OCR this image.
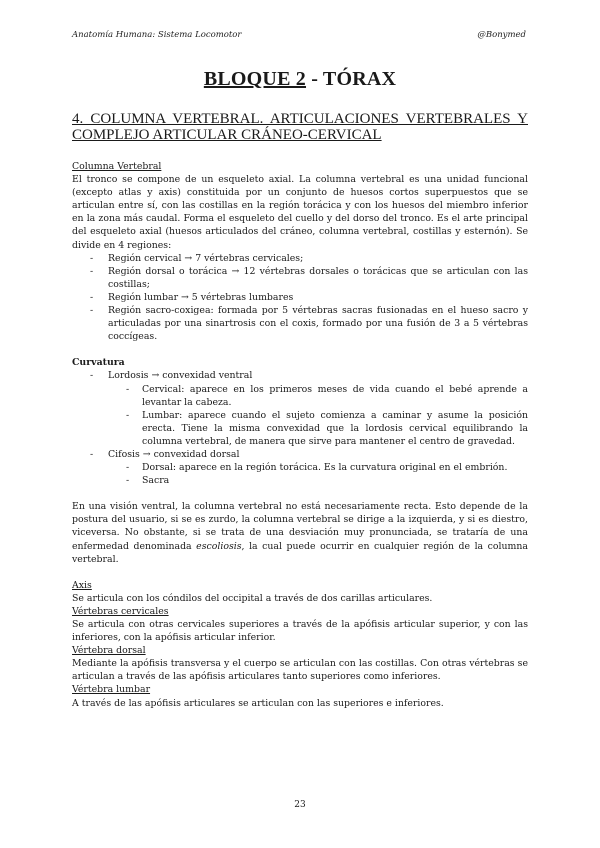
Anatomía Humana: Sistema Locomotor	@Bonymed
BLOQUE 2 - TÓRAX
4. COLUMNA VERTEBRAL. ARTICULACIONES VERTEBRALES Y COMPLEJO ARTICULAR CRÁNEO-CERVICAL

Columna Vertebral

El tronco se compone de un esqueleto axial. La columna vertebral es una unidad funcional (excepto atlas y axis) constituida por un conjunto de huesos cortos superpuestos que se articulan entre sí, con las costillas en la región torácica y con los huesos del miembro inferior en la zona más caudal. Forma el esqueleto del cuello y del dorso del tronco. Es el arte principal del esqueleto axial (huesos articulados del cráneo, columna vertebral, costillas y esternón). Se divide en 4 regiones:

- Región cervical → 7 vértebras cervicales;
- Región dorsal o torácica → 12 vértebras dorsales o torácicas que se articulan con las costillas;
- Región lumbar → 5 vértebras lumbares
- Región sacro-coxigea: formada por 5 vértebras sacras fusionadas en el hueso sacro y articuladas por una sinartrosis con el coxis, formado por una fusión de 3 a 5 vértebras coccígeas.

Curvatura

- Lordosis → convexidad ventral
- Cervical: aparece en los primeros meses de vida cuando el bebé aprende a levantar la cabeza.
- Lumbar: aparece cuando el sujeto comienza a caminar y asume la posición erecta. Tiene la misma convexidad que la lordosis cervical equilibrando la columna vertebral, de manera que sirve para mantener el centro de gravedad.
- Cifosis → convexidad dorsal
- Dorsal: aparece en la región torácica. Es la curvatura original en el embrión.
- Sacra

En una visión ventral, la columna vertebral no está necesariamente recta. Esto depende de la postura del usuario, si se es zurdo, la columna vertebral se dirige a la izquierda, y si es diestro, viceversa. No obstante, si se trata de una desviación muy pronunciada, se trataría de una enfermedad denominada escoliosis, la cual puede ocurrir en cualquier región de la columna vertebral.

Axis

Se articula con los cóndilos del occipital a través de dos carillas articulares.

Vértebras cervicales

Se articula con otras cervicales superiores a través de la apófisis articular superior, y con las inferiores, con la apófisis articular inferior.

Vértebra dorsal

Mediante la apófisis transversa y el cuerpo se articulan con las costillas. Con otras vértebras se articulan a través de las apófisis articulares tanto superiores como inferiores.

Vértebra lumbar

A través de las apófisis articulares se articulan con las superiores e inferiores.

23
